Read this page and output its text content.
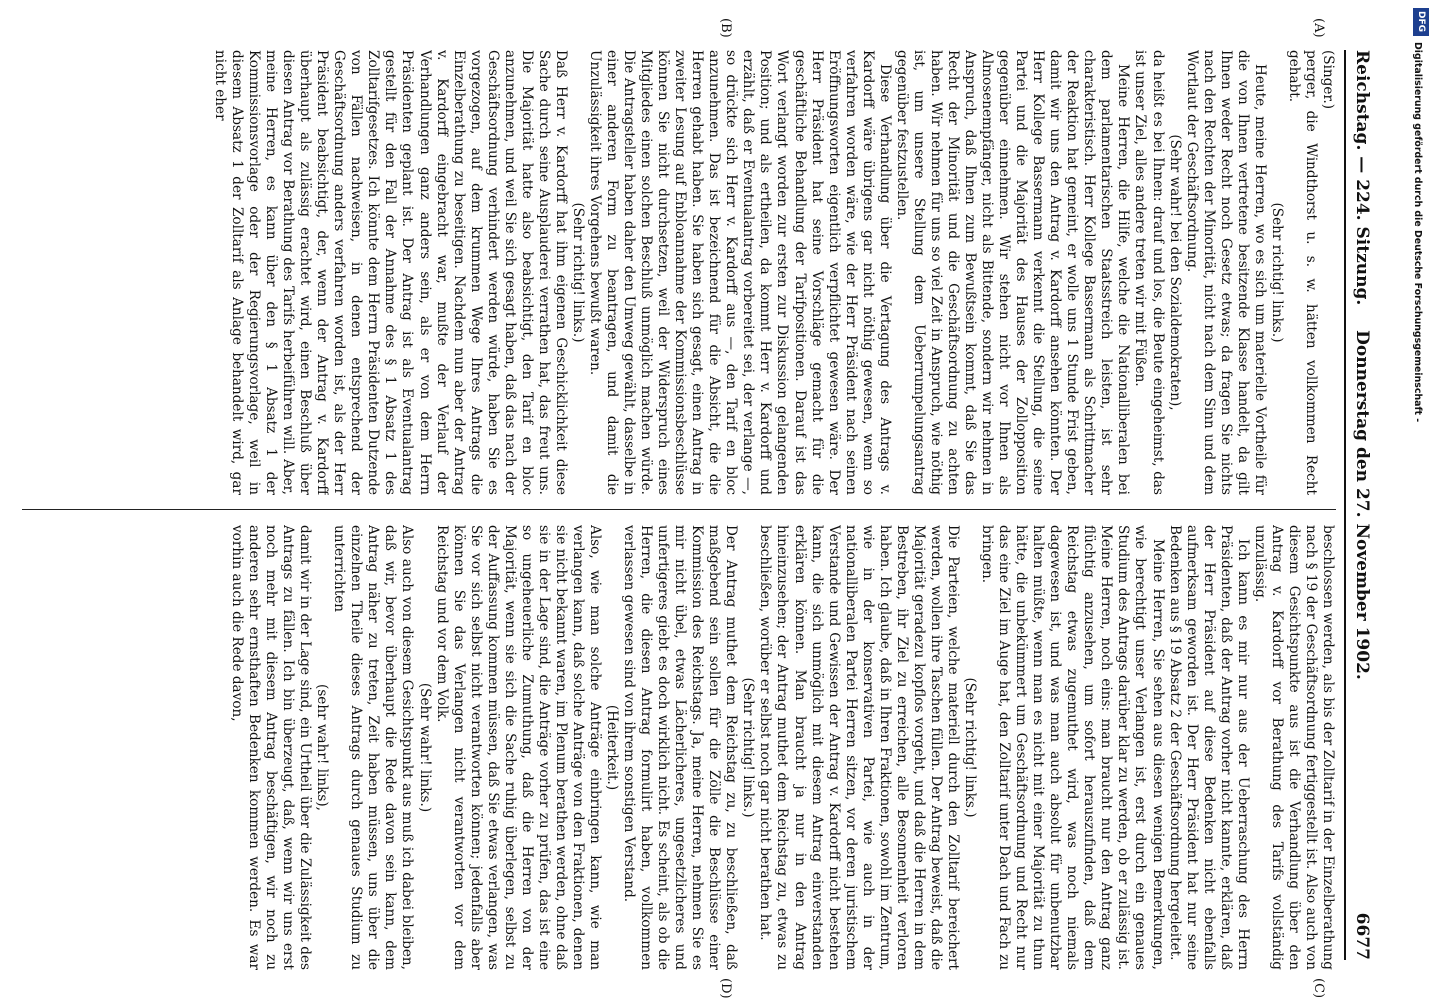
Reichstag. — 224. Sitzung.
Donnerstag den 27. November 1902.
6677
(A)
(B)
(C)
(D)

(Singer.)

perger, die Windthorst u. s. w. hätten vollkommen Recht gehabt.

(Sehr richtig! links.)

Heute, meine Herren, wo es sich um materielle Vortheile für die von Ihnen vertretene besitzende Klasse handelt, da gilt Ihnen weder Recht noch Gesetz etwas; da fragen Sie nichts nach den Rechten der Minorität, nicht nach dem Sinn und dem Wortlaut der Geschäftsordnung.

(Sehr wahr! bei den Sozialdemokraten),

da heißt es bei Ihnen: drauf und los, die Beute eingeheimst, das ist unser Ziel, alles andere treten wir mit Füßen.

Meine Herren, die Hilfe, welche die Nationalliberalen bei dem parlamentarischen Staatsstreich leisten, ist sehr charakteristisch. Herr Kollege Bassermann als Schrittmacher der Reaktion hat gemeint, er wolle uns 1 Stunde Frist geben, damit wir uns den Antrag v. Kardorff ansehen könnten. Der Herr Kollege Bassermann verkennt die Stellung, die seine Partei und die Majorität des Hauses der Zollopposition gegenüber einnehmen. Wir stehen nicht vor Ihnen als Almosenempfänger, nicht als Bittende, sondern wir nehmen in Anspruch, daß Ihnen zum Bewußtsein kommt, daß Sie das Recht der Minorität und die Geschäftsordnung zu achten haben. Wir nehmen für uns so viel Zeit in Anspruch, wie nöthig ist, um unsere Stellung dem Ueberrumpelungsantrag gegenüber festzustellen.

Diese Verhandlung über die Vertagung des Antrags v. Kardorff wäre übrigens gar nicht nöthig gewesen, wenn so verfahren worden wäre, wie der Herr Präsident nach seinen Eröffnungsworten eigentlich verpflichtet gewesen wäre. Der Herr Präsident hat seine Vorschläge gemacht für die geschäftliche Behandlung der Tarifpositionen. Darauf ist das Wort verlangt worden zur ersten zur Diskussion gelangenden Position; und als ertheilen, da kommt Herr v. Kardorff und erzählt, daß er Eventualantrag vorbereitet sei, der verlange —, so drückte sich Herr v. Kardorff aus —, den Tarif en bloc anzunehmen. Das ist bezeichnend für die Absicht, die die Herren gehabt haben. Sie haben sich gesagt, einen Antrag in zweiter Lesung auf Enbloannahme der Kommissionsbeschlüsse können Sie nicht durchsetzen, weil der Widerspruch eines Mitgliedes einen solchen Beschluß unmöglich machen würde. Die Antragsteller haben daher den Umweg gewählt, dasselbe in einer anderen Form zu beantragen, und damit die Unzulässigkeit ihres Vorgehens bewußt waren.

(Sehr richtig! links.)

Daß Herr v. Kardorff hat ihm eigenen Geschicklichkeit diese Sache durch seine Ausplauderei verrathen hat, das freut uns. Die Majorität hatte also beabsichtigt, den Tarif en bloc anzunehmen, und weil Sie sich gesagt haben, daß das nach der Geschäftsordnung verhindert werden würde, haben Sie es vorgezogen, auf dem krummen Wege Ihres Antrags die Einzelberathung zu beseitigen. Nachdem nun aber der Antrag v. Kardorff eingebracht war, mußte der Verlauf der Verhandlungen ganz anders sein, als er von dem Herrn Präsidenten geplant ist. Der Antrag ist als Eventualantrag gestellt für den Fall der Annahme des § 1 Absatz 1 des Zolltarifgesetzes. Ich könnte dem Herrn Präsidenten Dutzende von Fällen nachweisen, in denen entsprechend der Geschäftsordnung anders verfahren worden ist, als der Herr Präsident beabsichtigt, der, wenn der Antrag v. Kardorff überhaupt als zulässig erachtet wird, einen Beschluß über diesen Antrag vor Berathung des Tarifs herbeiführen will. Aber, meine Herren, es kann über den § 1 Absatz 1 der Kommissionsvorlage oder der Regierungsvorlage, weil in diesem Absatz 1 der Zolltarif als Anlage behandelt wird, gar nicht eher

beschlossen werden, als bis der Zolltarif in der Einzelberathung nach § 19 der Geschäftsordnung fertiggestellt ist. Also auch von diesem Gesichtspunkte aus ist die Verhandlung über den Antrag v. Kardorff vor Berathung des Tarifs vollständig unzulässig.

Ich kann es mir nur aus der Ueberraschung des Herrn Präsidenten, daß der Antrag vorher nicht kannte, erklären, daß der Herr Präsident auf diese Bedenken nicht ebenfalls aufmerksam geworden ist. Der Herr Präsident hat nur seine Bedenken aus § 19 Absatz 2 der Geschäftsordnung hergeleitet.

Meine Herren, Sie sehen aus diesen wenigen Bemerkungen, wie berechtigt unser Verlangen ist, erst durch ein genaues Studium des Antrags darüber klar zu werden, ob er zulässig ist. Meine Herren, noch eins: man braucht nur den Antrag ganz flüchtig anzusehen, um sofort herauszufinden, daß dem Reichstag etwas zugemuthet wird, was noch niemals dagewesen ist, und was man auch absolut für unbenutzbar halten müßte, wenn man es nicht mit einer Majorität zu thun hätte, die unbekümmert um Geschäftsordnung und Recht nur das eine Ziel im Auge hat, den Zolltarif unter Dach und Fach zu bringen.

(Sehr richtig! links.)

Die Parteien, welche materiell durch den Zolltarif bereichert werden, wollen ihre Taschen füllen. Der Antrag beweist, daß die Majorität geradezu kopflos vorgeht, und daß die Herren in dem Bestreben, ihr Ziel zu erreichen, alle Besonnenheit verloren haben. Ich glaube, daß in Ihren Fraktionen, sowohl im Zentrum, wie in der konservativen Partei, wie auch in der nationalliberalen Partei Herren sitzen, vor deren juristischem Verstande und Gewissen der Antrag v. Kardorff nicht bestehen kann, die sich unmöglich mit diesem Antrag einverstanden erklären können. Man braucht ja nur in den Antrag hineinzusehen; der Antrag muthet dem Reichstag zu, etwas zu beschließen, worüber er selbst noch gar nicht berathen hat.

(Sehr richtig! links.)

Der Antrag muthet dem Reichstag zu, zu beschließen, daß maßgebend sein sollen für die Zölle die Beschlüsse einer Kommission des Reichstags. Ja, meine Herren, nehmen Sie es mir nicht übel, etwas Lächerlicheres, ungesetzlicheres und unfertigeres giebt es doch wirklich nicht. Es scheint, als ob die Herren, die diesen Antrag formulirt haben, vollkommen verlassen gewesen sind von ihrem sonstigen Verstand.

(Heiterkeit.)

Also, wie man solche Anträge einbringen kann, wie man verlangen kann, daß solche Anträge von den Fraktionen, denen sie nicht bekannt waren, im Plenum berathen werden, ohne daß sie in der Lage sind, die Anträge vorher zu prüfen, das ist eine so ungeheuerliche Zumuthung, daß die Herren von der Majorität, wenn sie sich die Sache ruhig überlegen, selbst zu der Auffassung kommen müssen, daß Sie etwas verlangen, was Sie vor sich selbst nicht verantworten können; jedenfalls aber können Sie das Verlangen nicht verantworten vor dem Reichstag und vor dem Volk.

(Sehr wahr! links.)

Also auch von diesem Gesichtspunkt aus muß ich dabei bleiben, daß wir, bevor überhaupt die Rede davon sein kann, dem Antrag näher zu treten, Zeit haben müssen, uns über die einzelnen Theile dieses Antrags durch genaues Studium zu unterrichten

(sehr wahr! links),

damit wir in der Lage sind, ein Urtheil über die Zulässigkeit des Antrags zu fällen. Ich bin überzeugt, daß, wenn wir uns erst noch mehr mit diesem Antrag beschäftigen, wir noch zu anderen sehr ernsthaften Bedenken kommen werden. Es war vorhin auch die Rede davon,

DFG
Digitalisierung gefördert durch die Deutsche Forschungsgemeinschaft -
